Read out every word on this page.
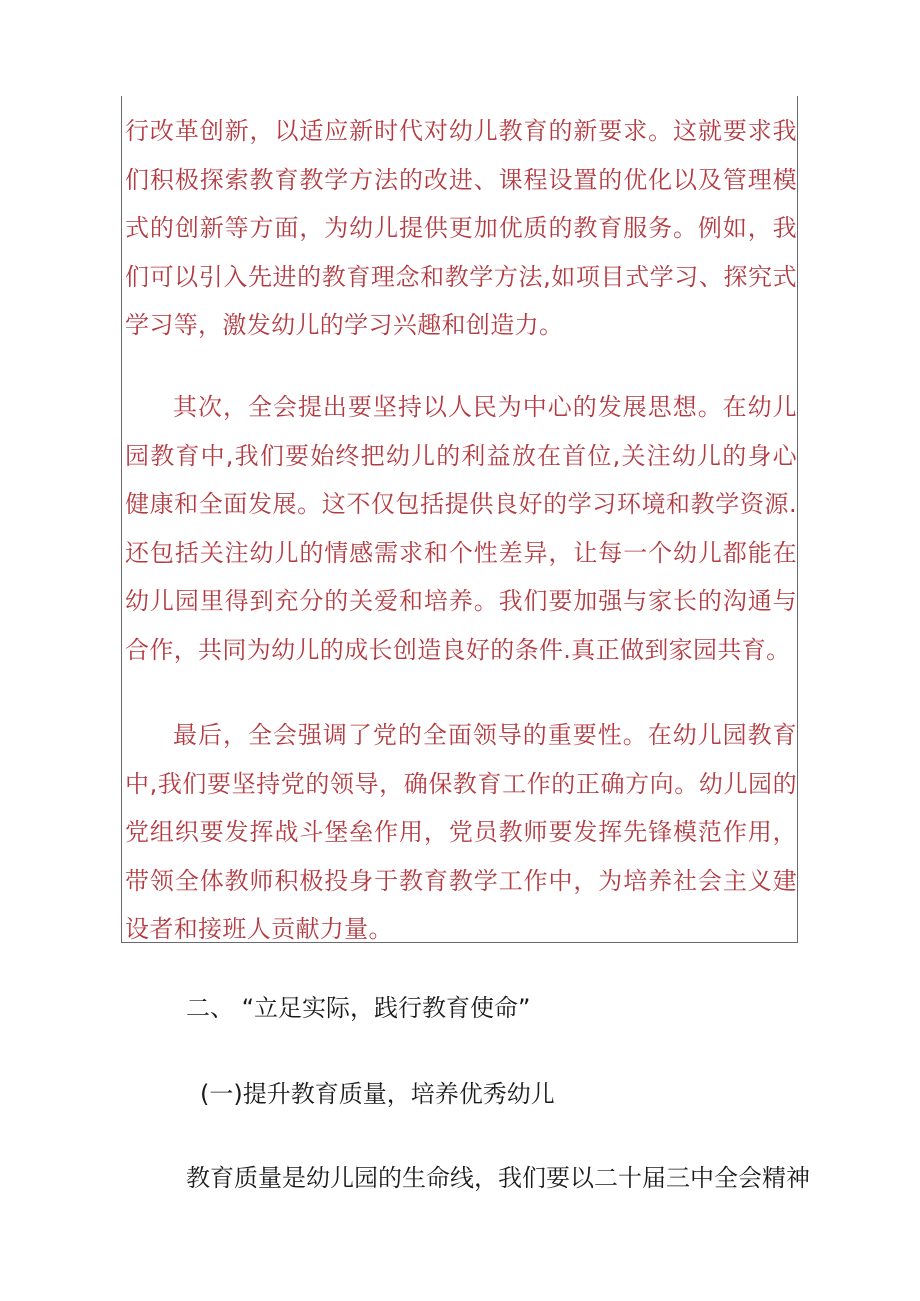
行改革创新，以适应新时代对幼儿教育的新要求。这就要求我们积极探索教育教学方法的改进、课程设置的优化以及管理模式的创新等方面，为幼儿提供更加优质的教育服务。例如，我们可以引入先进的教育理念和教学方法,如项目式学习、探究式学习等，激发幼儿的学习兴趣和创造力。

其次，全会提出要坚持以人民为中心的发展思想。在幼儿园教育中,我们要始终把幼儿的利益放在首位,关注幼儿的身心健康和全面发展。这不仅包括提供良好的学习环境和教学资源.还包括关注幼儿的情感需求和个性差异，让每一个幼儿都能在幼儿园里得到充分的关爱和培养。我们要加强与家长的沟通与合作，共同为幼儿的成长创造良好的条件.真正做到家园共育。

最后，全会强调了党的全面领导的重要性。在幼儿园教育中,我们要坚持党的领导，确保教育工作的正确方向。幼儿园的党组织要发挥战斗堡垒作用，党员教师要发挥先锋模范作用，带领全体教师积极投身于教育教学工作中，为培养社会主义建设者和接班人贡献力量。

二、 “立足实际，践行教育使命”

(一)提升教育质量，培养优秀幼儿

教育质量是幼儿园的生命线，我们要以二十届三中全会精神
